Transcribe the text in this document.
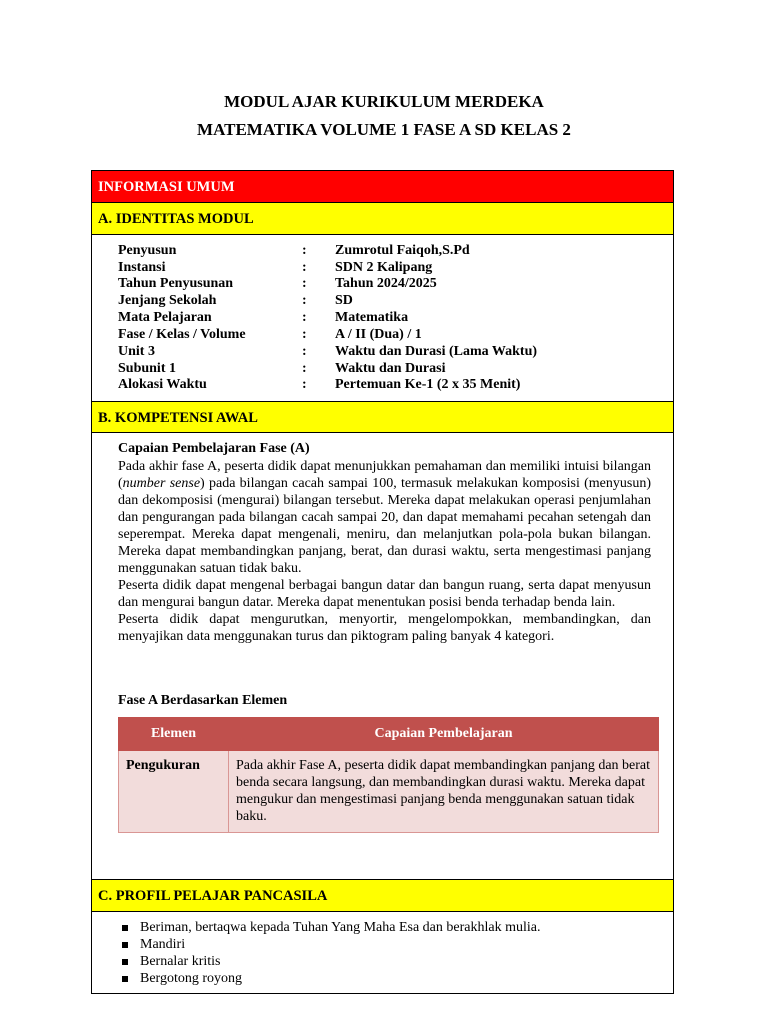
MODUL AJAR KURIKULUM MERDEKA
MATEMATIKA VOLUME 1 FASE A SD KELAS 2
INFORMASI UMUM
A. IDENTITAS MODUL
Penyusun	: Zumrotul Faiqoh,S.Pd
Instansi	: SDN 2 Kalipang
Tahun Penyusunan	: Tahun 2024/2025
Jenjang Sekolah	: SD
Mata Pelajaran	: Matematika
Fase / Kelas / Volume	: A / II (Dua) / 1
Unit 3	: Waktu dan Durasi (Lama Waktu)
Subunit 1	: Waktu dan Durasi
Alokasi Waktu	: Pertemuan Ke-1 (2 x 35 Menit)
B. KOMPETENSI AWAL
Capaian Pembelajaran Fase (A)

Pada akhir fase A, peserta didik dapat menunjukkan pemahaman dan memiliki intuisi bilangan (number sense) pada bilangan cacah sampai 100, termasuk melakukan komposisi (menyusun) dan dekomposisi (mengurai) bilangan tersebut. Mereka dapat melakukan operasi penjumlahan dan pengurangan pada bilangan cacah sampai 20, dan dapat memahami pecahan setengah dan seperempat. Mereka dapat mengenali, meniru, dan melanjutkan pola-pola bukan bilangan. Mereka dapat membandingkan panjang, berat, dan durasi waktu, serta mengestimasi panjang menggunakan satuan tidak baku.

Peserta didik dapat mengenal berbagai bangun datar dan bangun ruang, serta dapat menyusun dan mengurai bangun datar. Mereka dapat menentukan posisi benda terhadap benda lain.

Peserta didik dapat mengurutkan, menyortir, mengelompokkan, membandingkan, dan menyajikan data menggunakan turus dan piktogram paling banyak 4 kategori.

Fase A Berdasarkan Elemen
Elemen	Capaian Pembelajaran
Pengukuran	Pada akhir Fase A, peserta didik dapat membandingkan panjang dan berat benda secara langsung, dan membandingkan durasi waktu. Mereka dapat mengukur dan mengestimasi panjang benda menggunakan satuan tidak baku.
C. PROFIL PELAJAR PANCASILA
Beriman, bertaqwa kepada Tuhan Yang Maha Esa dan berakhlak mulia.
Mandiri
Bernalar kritis
Bergotong royong
